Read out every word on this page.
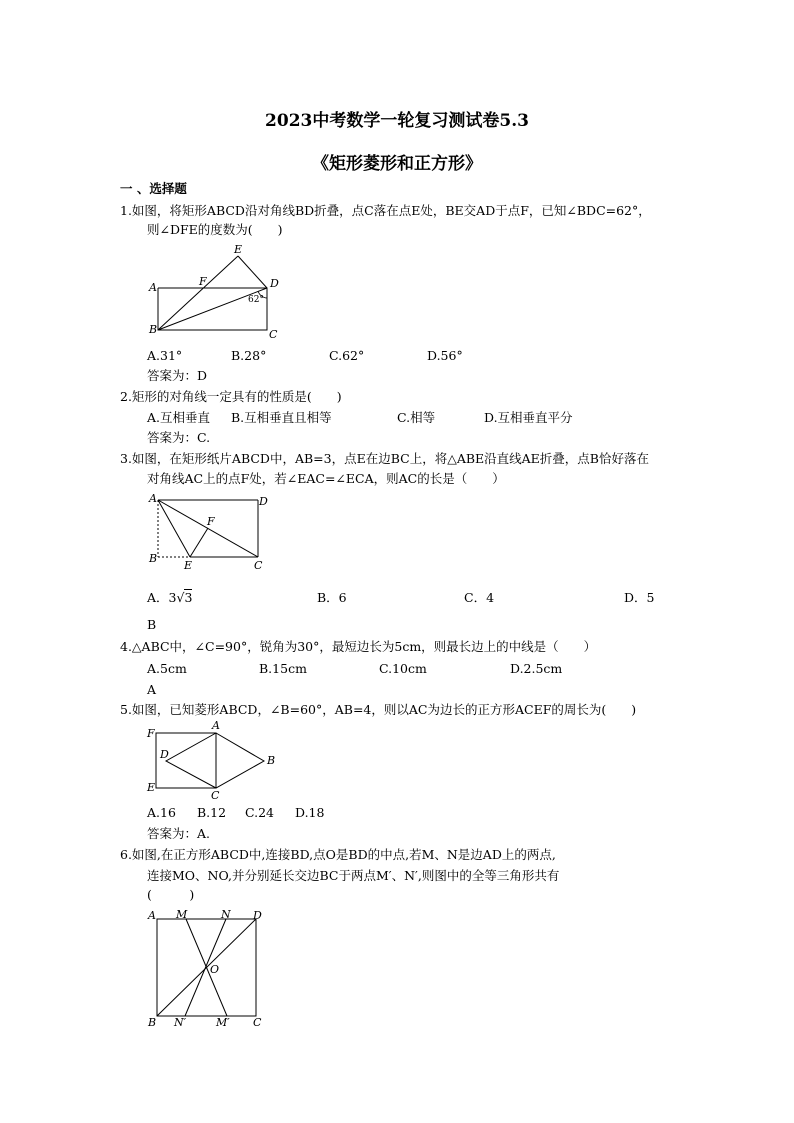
2023中考数学一轮复习测试卷5.3
《矩形菱形和正方形》
一 、选择题
1.如图，将矩形ABCD沿对角线BD折叠，点C落在点E处，BE交AD于点F，已知∠BDC=62°，
则∠DFE的度数为(　　)
A
B	C
D
E
F
62°
A.31°	B.28°	C.62°	D.56°
答案为：D
2.矩形的对角线一定具有的性质是(　　)
A.互相垂直 B.互相垂直且相等	C.相等	D.互相垂直平分
答案为：C.
3.如图，在矩形纸片ABCD中，AB=3，点E在边BC上，将△ABE沿直线AE折叠，点B恰好落在
对角线AC上的点F处，若∠EAC=∠ECA，则AC的长是（　　）
A
B
C
D
E
F
A．3√3	B．6	C．4	D．5
B
4.△ABC中，∠C=90°，锐角为30°，最短边长为5cm，则最长边上的中线是（　　）
A.5cm	B.15cm	C.10cm	D.2.5cm
A
5.如图，已知菱形ABCD，∠B=60°，AB=4，则以AC为边长的正方形ACEF的周长为(　　)
F
E
A
C
D	B
A.16 B.12 C.24 D.18
答案为：A.
6.如图,在正方形ABCD中,连接BD,点O是BD的中点,若M、N是边AD上的两点,
连接MO、NO,并分别延长交边BC于两点M′、N′,则图中的全等三角形共有
(　　　)
A M	N D
O
B N′	M′ C
